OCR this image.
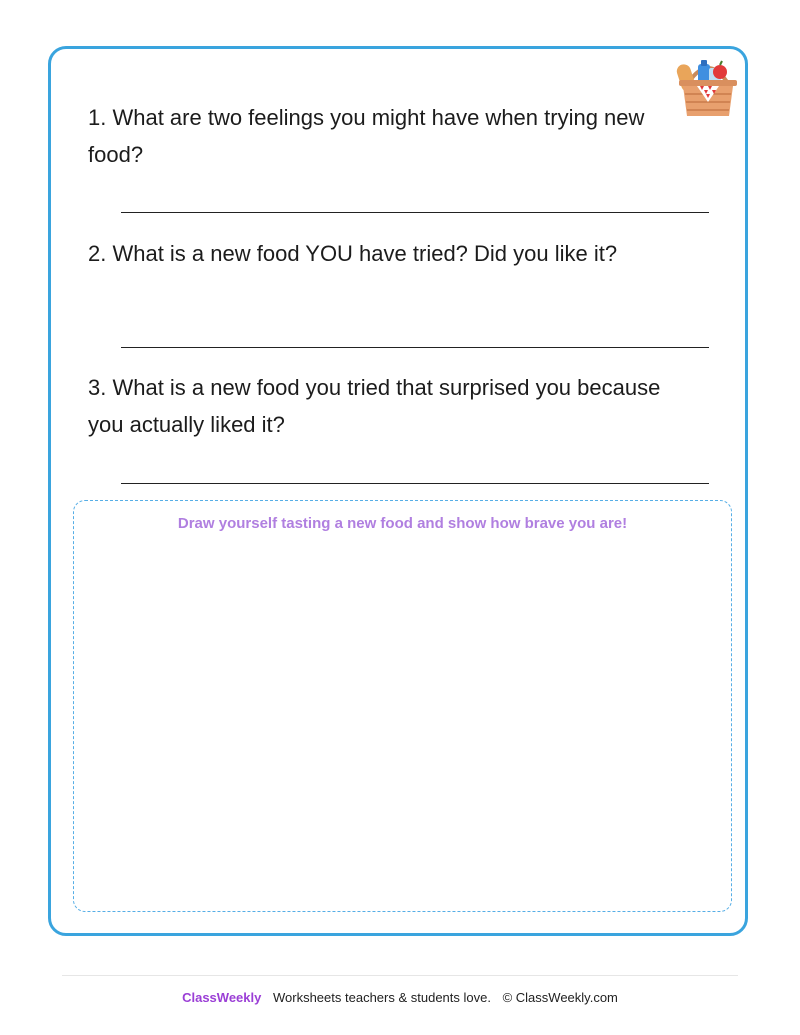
1. What are two feelings you might have when trying new food?
2. What is a new food YOU have tried? Did you like it?
3. What is a new food you tried that surprised you because you actually liked it?
Draw yourself tasting a new food and show how brave you are!
ClassWeekly Worksheets teachers & students love. © ClassWeekly.com
